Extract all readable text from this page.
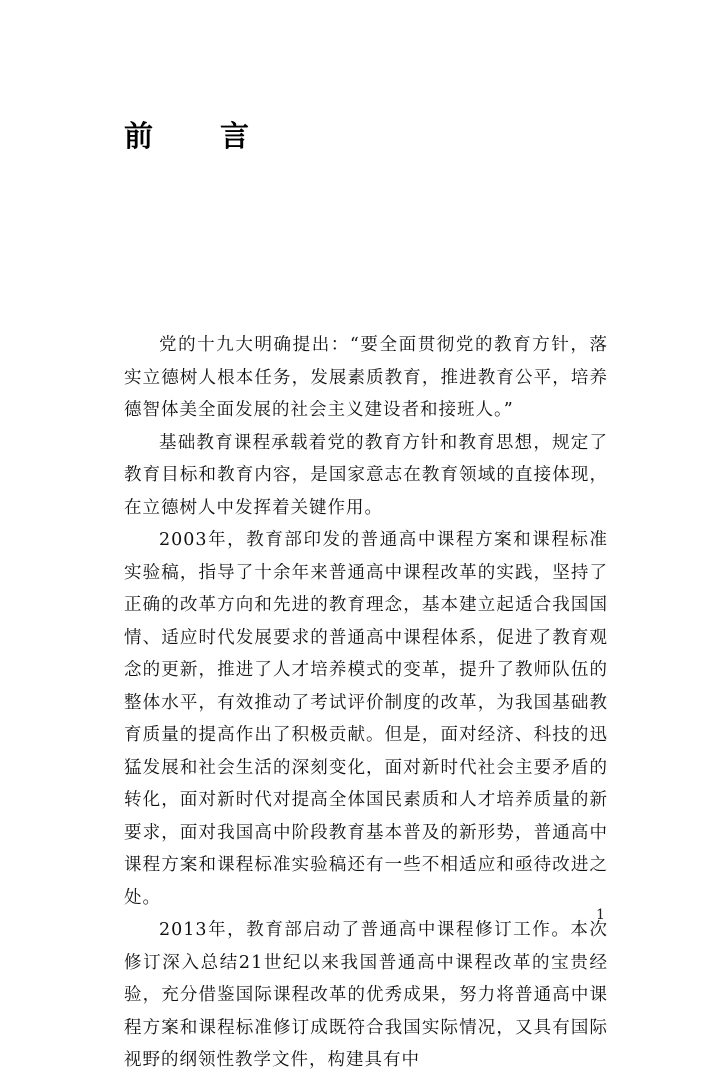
前　言

党的十九大明确提出：“要全面贯彻党的教育方针，落实立德树人根本任务，发展素质教育，推进教育公平，培养德智体美全面发展的社会主义建设者和接班人。”

基础教育课程承载着党的教育方针和教育思想，规定了教育目标和教育内容，是国家意志在教育领域的直接体现，在立德树人中发挥着关键作用。

2003年，教育部印发的普通高中课程方案和课程标准实验稿，指导了十余年来普通高中课程改革的实践，坚持了正确的改革方向和先进的教育理念，基本建立起适合我国国情、适应时代发展要求的普通高中课程体系，促进了教育观念的更新，推进了人才培养模式的变革，提升了教师队伍的整体水平，有效推动了考试评价制度的改革，为我国基础教育质量的提高作出了积极贡献。但是，面对经济、科技的迅猛发展和社会生活的深刻变化，面对新时代社会主要矛盾的转化，面对新时代对提高全体国民素质和人才培养质量的新要求，面对我国高中阶段教育基本普及的新形势，普通高中课程方案和课程标准实验稿还有一些不相适应和亟待改进之处。

2013年，教育部启动了普通高中课程修订工作。本次修订深入总结21世纪以来我国普通高中课程改革的宝贵经验，充分借鉴国际课程改革的优秀成果，努力将普通高中课程方案和课程标准修订成既符合我国实际情况，又具有国际视野的纲领性教学文件，构建具有中

1
